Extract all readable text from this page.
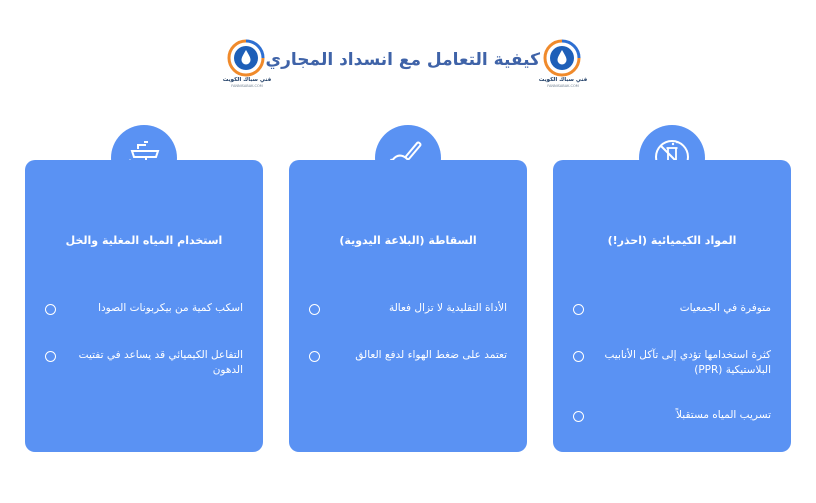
فني سباك الكويت
FANNISABAK.COM
كيفية التعامل مع انسداد المجاري
فني سباك الكويت
FANNISABAK.COM
المواد الكيميائية (احذر!)
متوفرة في الجمعيات
كثرة استخدامها تؤدي إلى تآكل الأنابيب البلاستيكية (PPR)
تسريب المياه مستقبلاً
السقاطة (البلاعة اليدوية)
الأداة التقليدية لا تزال فعالة
تعتمد على ضغط الهواء لدفع العالق
استخدام المياه المغلية والخل
اسكب كمية من بيكربونات الصودا
التفاعل الكيميائي قد يساعد في تفتيت الدهون
